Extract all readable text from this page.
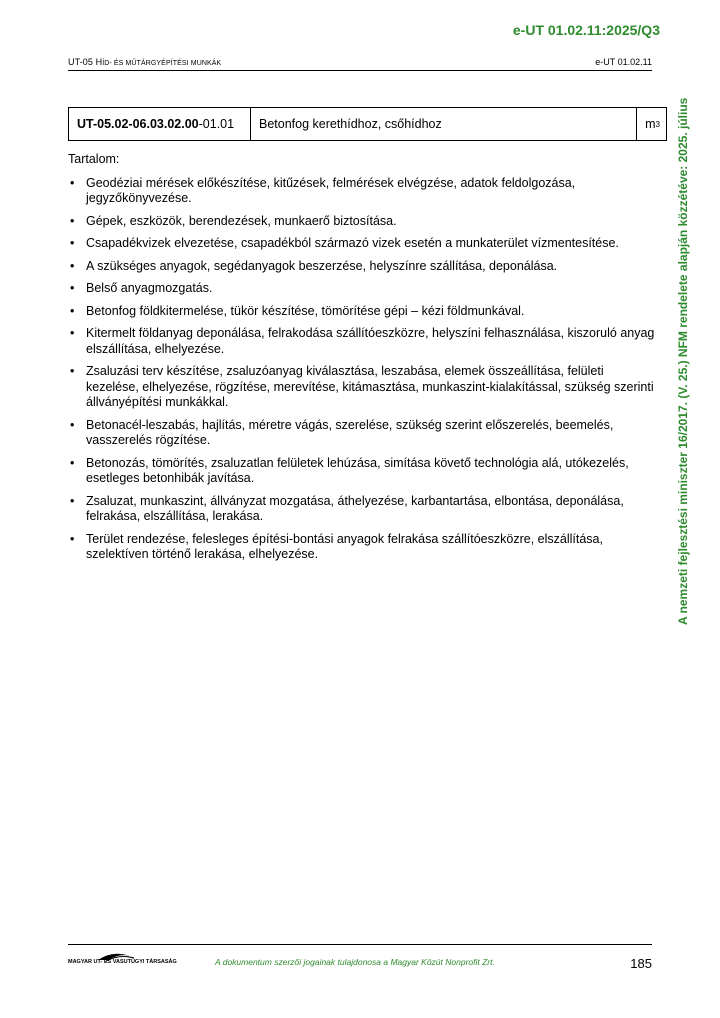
e-UT 01.02.11:2025/Q3
UT-05 HÍD- ÉS MŰTÁRGYÉPÍTÉSI MUNKÁK	e-UT 01.02.11

UT-05.02-06.03.02.00 -01.01	Betonfog kerethídhoz, csőhídhoz	m 3

Tartalom:

• Geodéziai mérések előkészítése, kitűzések, felmérések elvégzése, adatok feldolgozása, jegyzőkönyvezése.
• Gépek, eszközök, berendezések, munkaerő biztosítása.
• Csapadékvizek elvezetése, csapadékból származó vizek esetén a munkaterület vízmentesítése.
• A szükséges anyagok, segédanyagok beszerzése, helyszínre szállítása, deponálása.
• Belső anyagmozgatás.
• Betonfog földkitermelése, tükör készítése, tömörítése gépi – kézi földmunkával.
• Kitermelt földanyag deponálása, felrakodása szállítóeszközre, helyszíni felhasználása, kiszoruló anyag elszállítása, elhelyezése.
• Zsaluzási terv készítése, zsaluzóanyag kiválasztása, leszabása, elemek összeállítása, felületi kezelése, elhelyezése, rögzítése, merevítése, kitámasztása, munkaszint-kialakítással, szükség szerinti állványépítési munkákkal.
• Betonacél-leszabás, hajlítás, méretre vágás, szerelése, szükség szerint előszerelés, beemelés, vasszerelés rögzítése.
• Betonozás, tömörítés, zsaluzatlan felületek lehúzása, simítása követő technológia alá, utókezelés, esetleges betonhibák javítása.
• Zsaluzat, munkaszint, állványzat mozgatása, áthelyezése, karbantartása, elbontása, deponálása, felrakása, elszállítása, lerakása.
• Terület rendezése, felesleges építési-bontási anyagok felrakása szállítóeszközre, elszállítása, szelektíven történő lerakása, elhelyezése.	A nemzeti fejlesztési miniszter 16/2017. (V. 25.) NFM rendelete alapján közzétéve: 2025. július
MAGYAR UT- ÉS VASUTÜGYI TÁRSASÁG	A dokumentum szerzői jogainak tulajdonosa a Magyar Közút Nonprofit Zrt.	185
